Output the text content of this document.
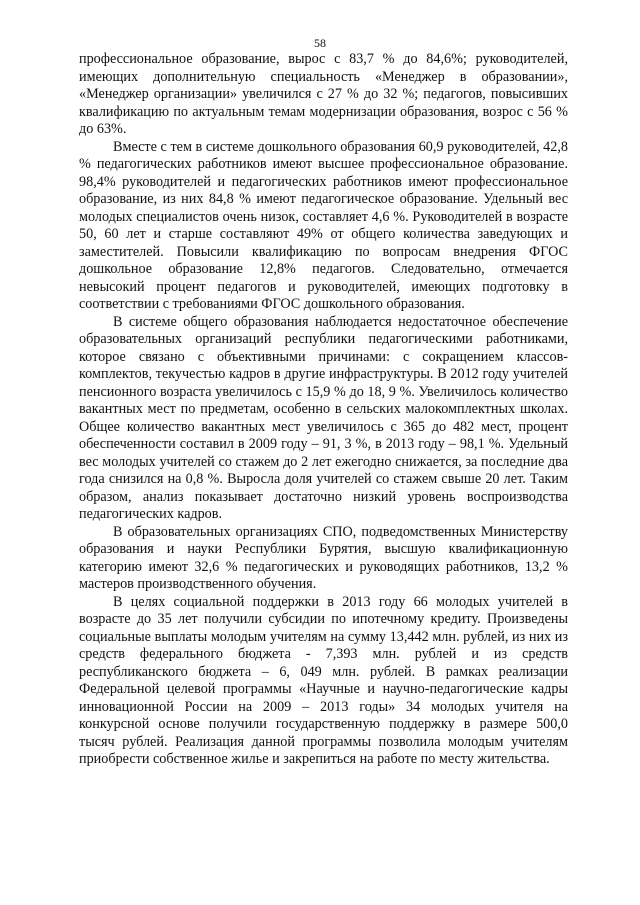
58

профессиональное образование, вырос с 83,7 % до 84,6%; руководителей, имеющих дополнительную специальность «Менеджер в образовании», «Менеджер организации» увеличился с 27 % до 32 %; педагогов, повысивших квалификацию по актуальным темам модернизации образования, возрос с 56 % до 63%.

Вместе с тем в системе дошкольного образования 60,9 руководителей, 42,8 % педагогических работников имеют высшее профессиональное образование. 98,4% руководителей и педагогических работников имеют профессиональное образование, из них 84,8 % имеют педагогическое образование. Удельный вес молодых специалистов очень низок, составляет 4,6 %. Руководителей в возрасте 50, 60 лет и старше составляют 49% от общего количества заведующих и заместителей. Повысили квалификацию по вопросам внедрения ФГОС дошкольное образование 12,8% педагогов. Следовательно, отмечается невысокий процент педагогов и руководителей, имеющих подготовку в соответствии с требованиями ФГОС дошкольного образования.

В системе общего образования наблюдается недостаточное обеспечение образовательных организаций республики педагогическими работниками, которое связано с объективными причинами: с сокращением классов-комплектов, текучестью кадров в другие инфраструктуры. В 2012 году учителей пенсионного возраста увеличилось с 15,9 % до 18, 9 %. Увеличилось количество вакантных мест по предметам, особенно в сельских малокомплектных школах. Общее количество вакантных мест увеличилось с 365 до 482 мест, процент обеспеченности составил в 2009 году – 91, 3 %, в 2013 году – 98,1 %. Удельный вес молодых учителей со стажем до 2 лет ежегодно снижается, за последние два года снизился на 0,8 %. Выросла доля учителей со стажем свыше 20 лет. Таким образом, анализ показывает достаточно низкий уровень воспроизводства педагогических кадров.

В образовательных организациях СПО, подведомственных Министерству образования и науки Республики Бурятия, высшую квалификационную категорию имеют 32,6 % педагогических и руководящих работников, 13,2 % мастеров производственного обучения.

В целях социальной поддержки в 2013 году 66 молодых учителей в возрасте до 35 лет получили субсидии по ипотечному кредиту. Произведены социальные выплаты молодым учителям на сумму 13,442 млн. рублей, из них из средств федерального бюджета - 7,393 млн. рублей и из средств республиканского бюджета – 6, 049 млн. рублей. В рамках реализации Федеральной целевой программы «Научные и научно-педагогические кадры инновационной России на 2009 – 2013 годы» 34 молодых учителя на конкурсной основе получили государственную поддержку в размере 500,0 тысяч рублей. Реализация данной программы позволила молодым учителям приобрести собственное жилье и закрепиться на работе по месту жительства.
